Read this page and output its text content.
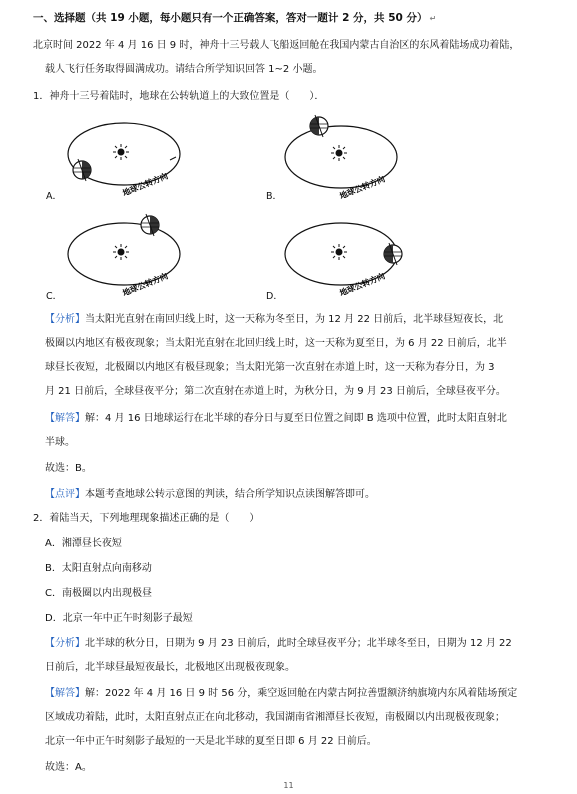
一、选择题（共 19 小题，每小题只有一个正确答案，答对一题计 2 分，共 50 分） ↵
北京时间 2022 年 4 月 16 日 9 时，神舟十三号载人飞船返回舱在我国内蒙古自治区的东风着陆场成功着陆，
载人飞行任务取得圆满成功。请结合所学知识回答 1~2 小题。
1．神舟十三号着陆时，地球在公转轨道上的大致位置是（　　）．
地球公转方向
A．	地球公转方向
B．
地球公转方向
C．	地球公转方向
D．
【分析】当太阳光直射在南回归线上时，这一天称为冬至日，为 12 月 22 日前后，北半球昼短夜长，北
极圈以内地区有极夜现象；当太阳光直射在北回归线上时，这一天称为夏至日，为 6 月 22 日前后，北半
球昼长夜短，北极圈以内地区有极昼现象；当太阳光第一次直射在赤道上时，这一天称为春分日，为 3
月 21 日前后，全球昼夜平分；第二次直射在赤道上时，为秋分日，为 9 月 23 日前后，全球昼夜平分。
【解答】解：4 月 16 日地球运行在北半球的春分日与夏至日位置之间即 B 选项中位置，此时太阳直射北
半球。
故选：B。
【点评】本题考查地球公转示意图的判读，结合所学知识点读图解答即可。
2．着陆当天，下列地理现象描述正确的是（　　）
A．湘潭昼长夜短
B．太阳直射点向南移动
C．南极圈以内出现极昼
D．北京一年中正午时刻影子最短
【分析】北半球的秋分日，日期为 9 月 23 日前后，此时全球昼夜平分；北半球冬至日，日期为 12 月 22
日前后，北半球昼最短夜最长，北极地区出现极夜现象。
【解答】解：2022 年 4 月 16 日 9 时 56 分，乘空返回舱在内蒙古阿拉善盟额济纳旗境内东风着陆场预定
区域成功着陆，此时，太阳直射点正在向北移动，我国湖南省湘潭昼长夜短，南极圈以内出现极夜现象；
北京一年中正午时刻影子最短的一天是北半球的夏至日即 6 月 22 日前后。
故选：A。
11
